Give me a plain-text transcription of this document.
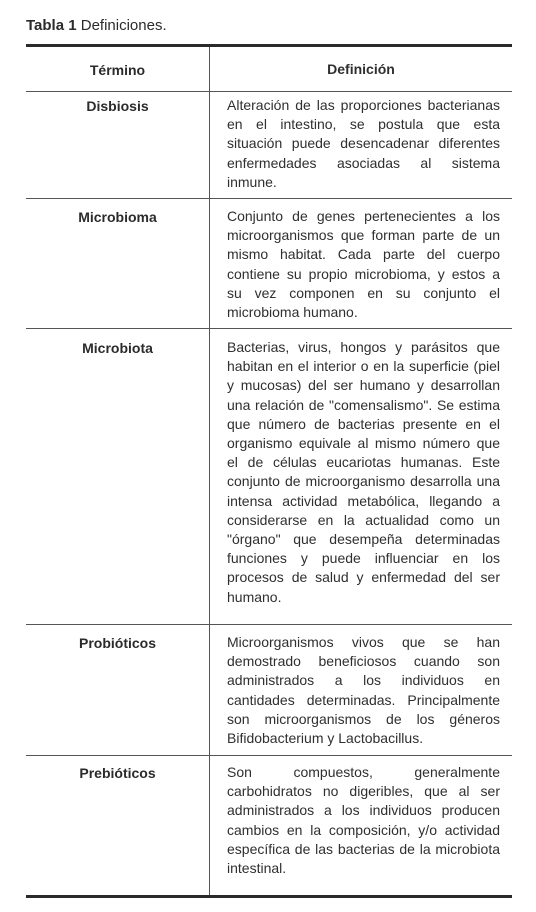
Tabla 1 Definiciones.
Término	Definición
Disbiosis	Alteración de las proporciones bacterianas en el intestino, se postula que esta situación puede desencadenar diferentes enfermedades asociadas al sistema inmune.
Microbioma	Conjunto de genes pertenecientes a los microorganismos que forman parte de un mismo habitat. Cada parte del cuerpo contiene su propio microbioma, y estos a su vez componen en su conjunto el microbioma humano.
Microbiota	Bacterias, virus, hongos y parásitos que habitan en el interior o en la superficie (piel y mucosas) del ser humano y desarrollan una relación de "comensalismo". Se estima que número de bacterias presente en el organismo equivale al mismo número que el de células eucariotas humanas. Este conjunto de microorganismo desarrolla una intensa actividad metabólica, llegando a considerarse en la actualidad como un "órgano" que desempeña determinadas funciones y puede influenciar en los procesos de salud y enfermedad del ser humano.
Probióticos	Microorganismos vivos que se han demostrado beneficiosos cuando son administrados a los individuos en cantidades determinadas. Principalmente son microorganismos de los géneros Bifidobacterium y Lactobacillus.
Prebióticos	Son compuestos, generalmente carbohidratos no digeribles, que al ser administrados a los individuos producen cambios en la composición, y/o actividad específica de las bacterias de la microbiota intestinal.
